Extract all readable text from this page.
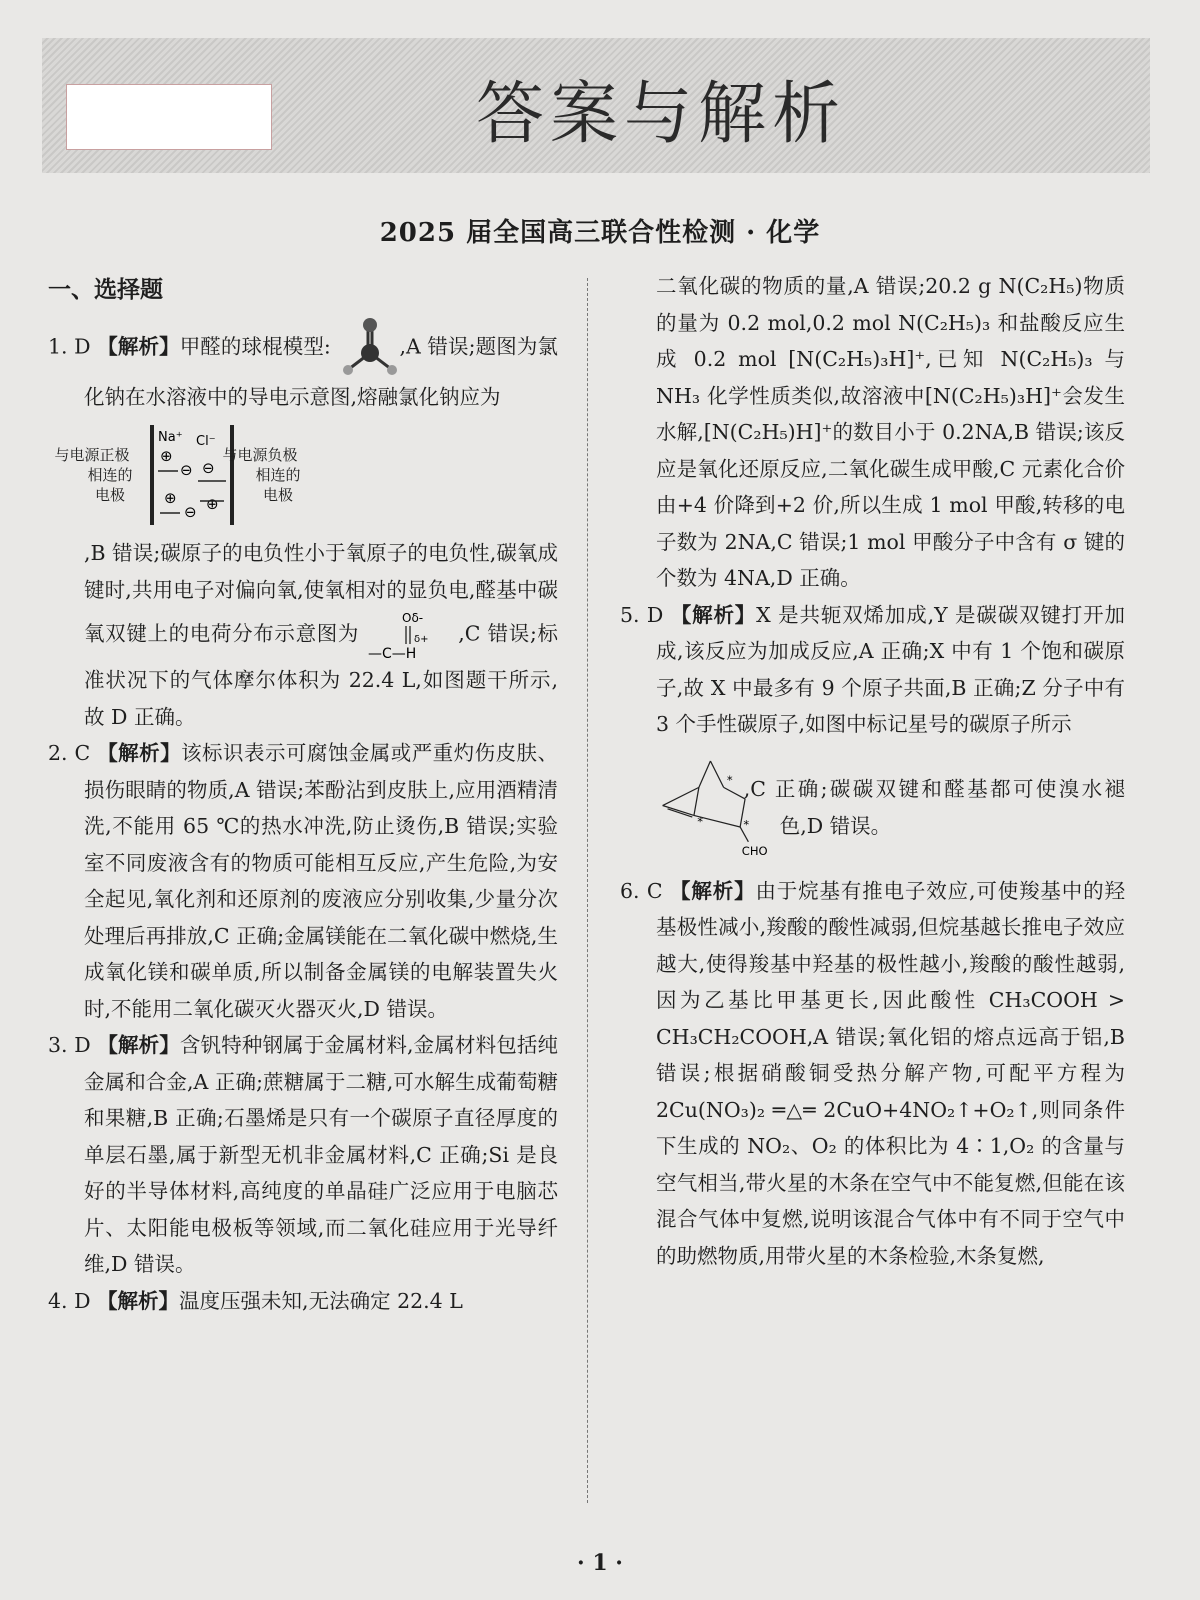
答案与解析
2025 届全国高三联合性检测 · 化学
一、选择题
1. D 【解析】甲醛的球棍模型:	,A 错误;题图为氯化钠在水溶液中的导电示意图,熔融氯化钠应为
与电源正极相连的电极
Na⁺ Cl⁻
⊕
⊖ ⊖
⊕
⊖ ⊕
与电源负极相连的电极
,B 错误;碳原子的电负性小于氧原子的电负性,碳氧成键时,共用电子对偏向氧,使氧相对的显负电,醛基中碳氧双键上的电荷分布示意图为
Oδ-
δ+
—C—H
,C 错误;标准状况下的气体摩尔体积为 22.4 L,如图题干所示,故 D 正确。
2. C 【解析】该标识表示可腐蚀金属或严重灼伤皮肤、损伤眼睛的物质,A 错误;苯酚沾到皮肤上,应用酒精清洗,不能用 65 ℃的热水冲洗,防止烫伤,B 错误;实验室不同废液含有的物质可能相互反应,产生危险,为安全起见,氧化剂和还原剂的废液应分别收集,少量分次处理后再排放,C 正确;金属镁能在二氧化碳中燃烧,生成氧化镁和碳单质,所以制备金属镁的电解装置失火时,不能用二氧化碳灭火器灭火,D 错误。
3. D 【解析】含钒特种钢属于金属材料,金属材料包括纯金属和合金,A 正确;蔗糖属于二糖,可水解生成葡萄糖和果糖,B 正确;石墨烯是只有一个碳原子直径厚度的单层石墨,属于新型无机非金属材料,C 正确;Si 是良好的半导体材料,高纯度的单晶硅广泛应用于电脑芯片、太阳能电极板等领域,而二氧化硅应用于光导纤维,D 错误。
4. D 【解析】温度压强未知,无法确定 22.4 L
二氧化碳的物质的量,A 错误;20.2 g N(C₂H₅)物质的量为 0.2 mol,0.2 mol N(C₂H₅)₃ 和盐酸反应生成 0.2 mol [N(C₂H₅)₃H]⁺,已知 N(C₂H₅)₃ 与 NH₃ 化学性质类似,故溶液中[N(C₂H₅)₃H]⁺会发生水解,[N(C₂H₅)H]⁺的数目小于 0.2NA,B 错误;该反应是氧化还原反应,二氧化碳生成甲酸,C 元素化合价由+4 价降到+2 价,所以生成 1 mol 甲酸,转移的电子数为 2NA,C 错误;1 mol 甲酸分子中含有 σ 键的个数为 4NA,D 正确。
5. D 【解析】X 是共轭双烯加成,Y 是碳碳双键打开加成,该反应为加成反应,A 正确;X 中有 1 个饱和碳原子,故 X 中最多有 9 个原子共面,B 正确;Z 分子中有 3 个手性碳原子,如图中标记星号的碳原子所示
*
*	*
CHO
,C 正确;碳碳双键和醛基都可使溴水褪色,D 错误。
6. C 【解析】由于烷基有推电子效应,可使羧基中的羟基极性减小,羧酸的酸性减弱,但烷基越长推电子效应越大,使得羧基中羟基的极性越小,羧酸的酸性越弱,因为乙基比甲基更长,因此酸性 CH₃COOH > CH₃CH₂COOH,A 错误;氧化铝的熔点远高于铝,B 错误;根据硝酸铜受热分解产物,可配平方程为 2Cu(NO₃)₂ ═△═ 2CuO+4NO₂↑+O₂↑,则同条件下生成的 NO₂、O₂ 的体积比为 4∶1,O₂ 的含量与空气相当,带火星的木条在空气中不能复燃,但能在该混合气体中复燃,说明该混合气体中有不同于空气中的助燃物质,用带火星的木条检验,木条复燃,
· 1 ·
